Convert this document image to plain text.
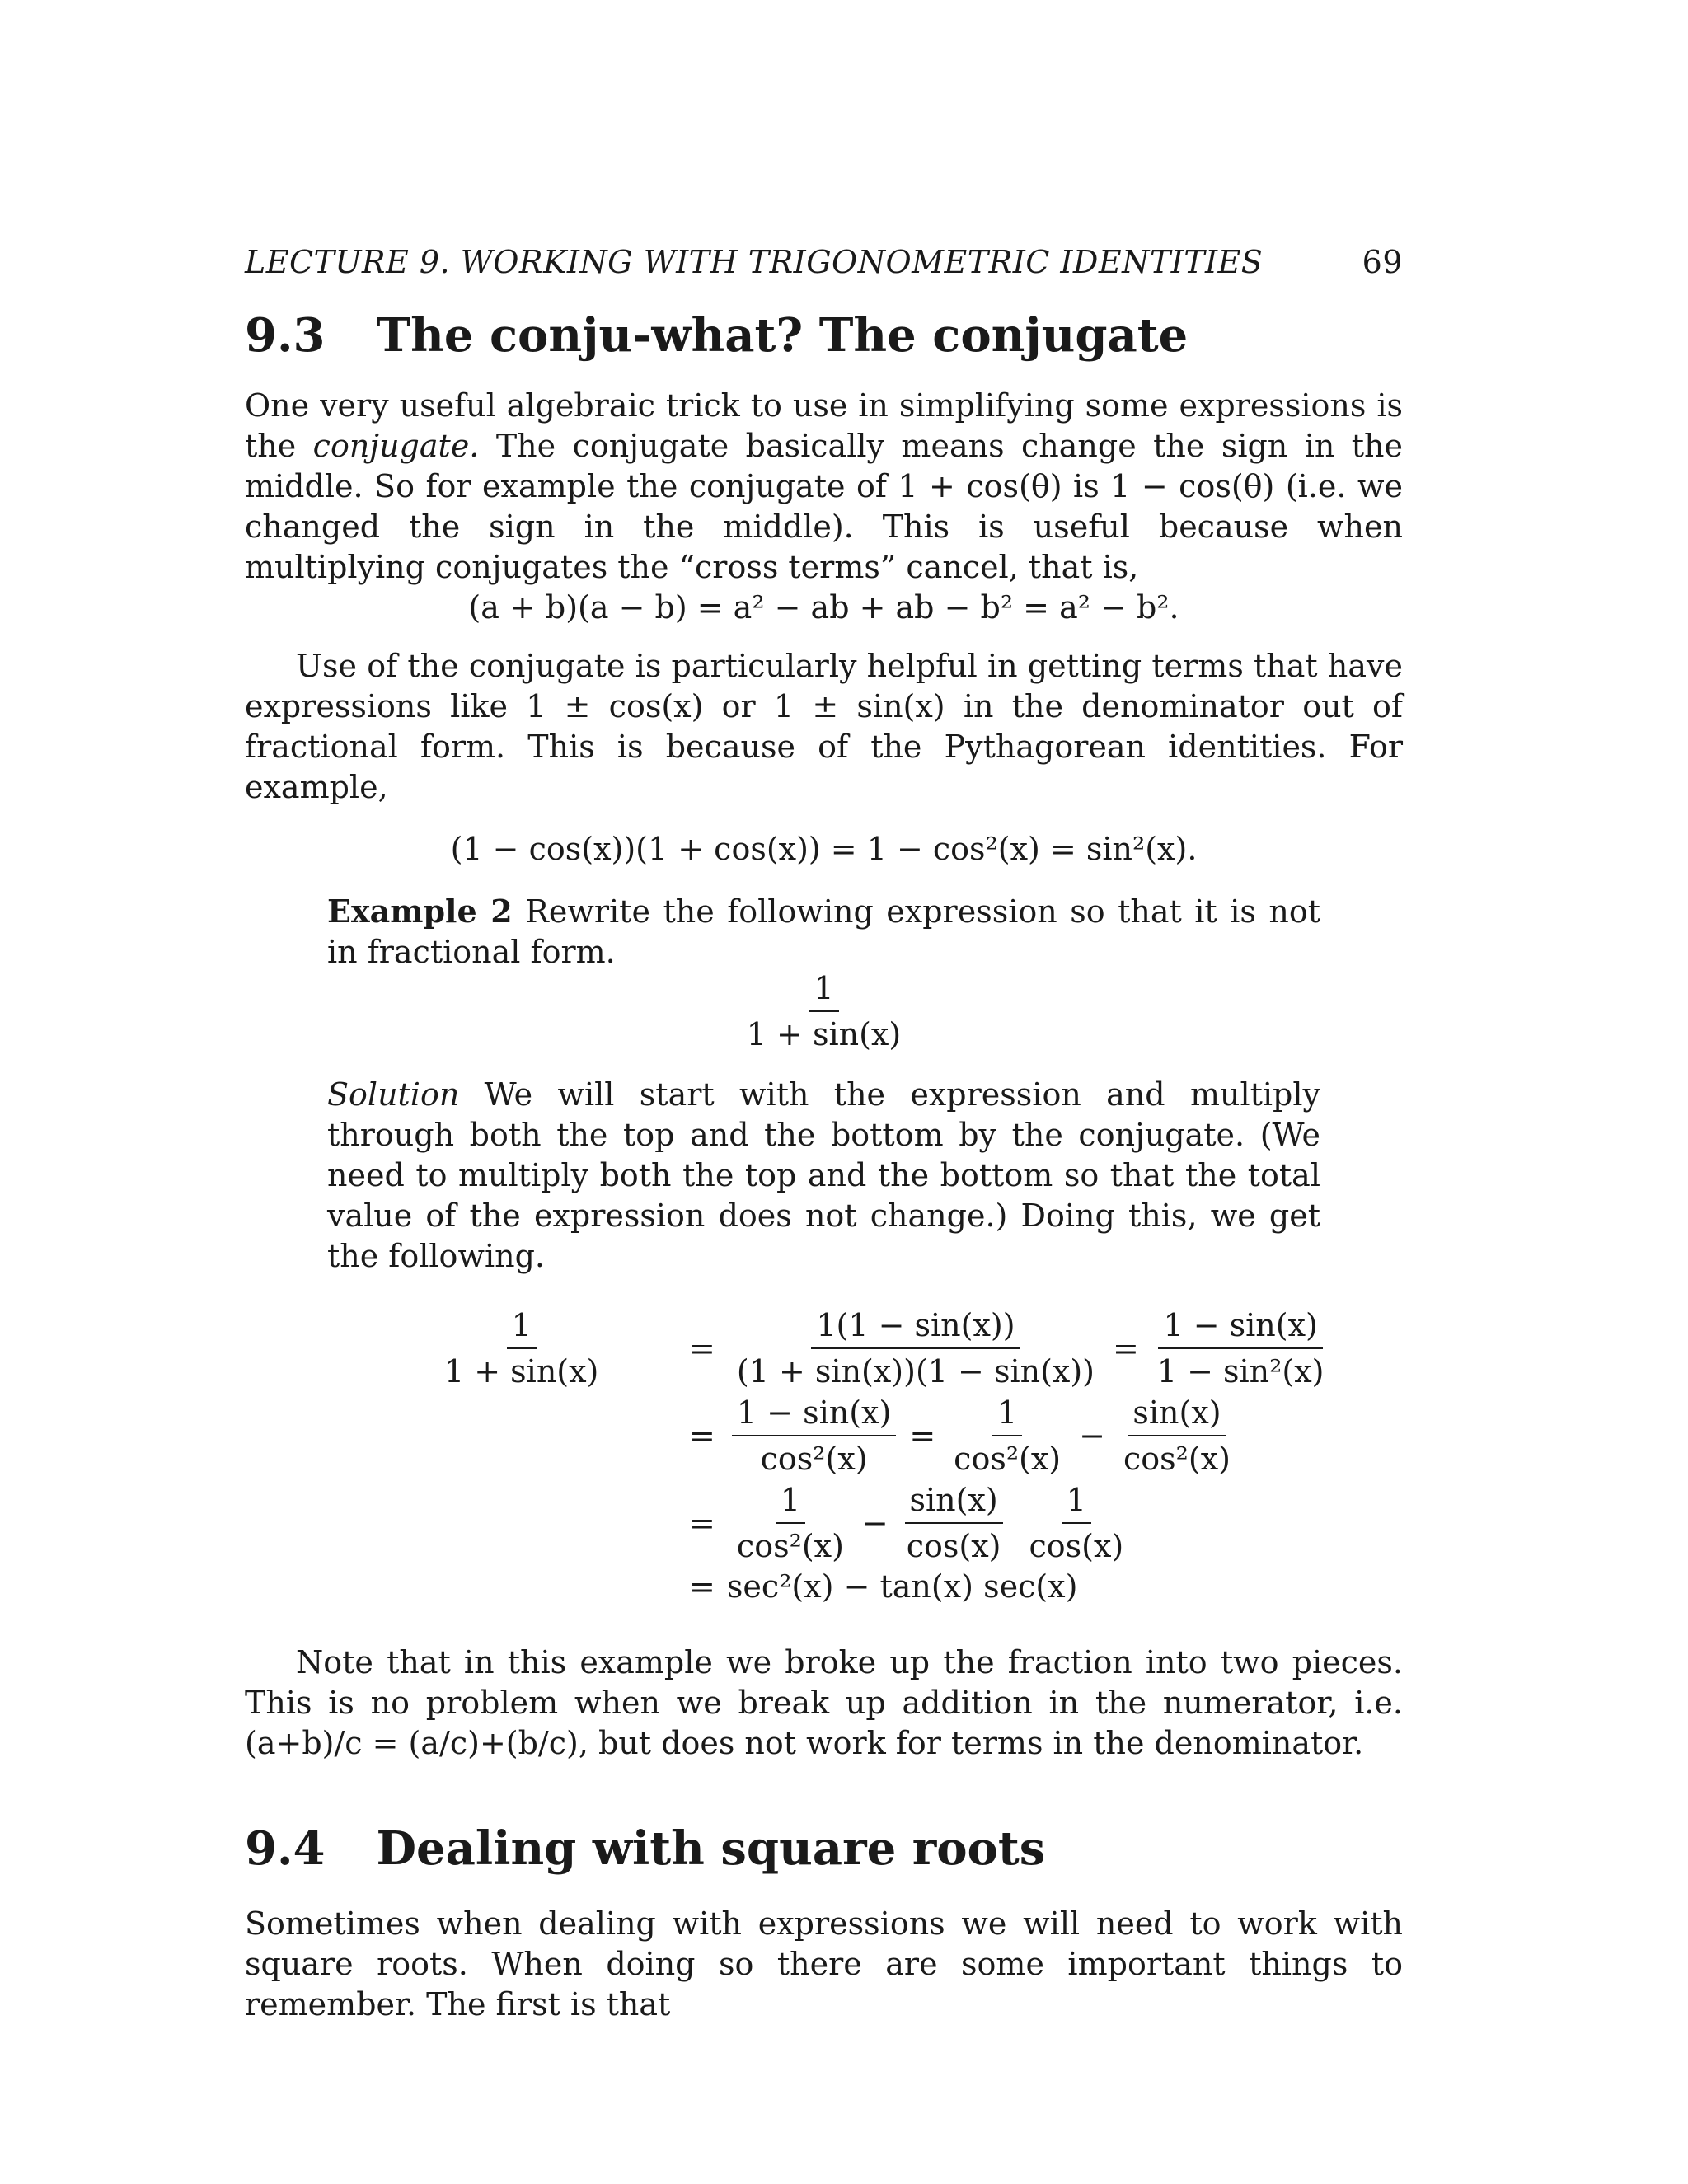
LECTURE 9. WORKING WITH TRIGONOMETRIC IDENTITIES	69
9.3 The conju-what? The conjugate

One very useful algebraic trick to use in simplifying some expressions is the conjugate. The conjugate basically means change the sign in the middle. So for example the conjugate of 1 + cos(θ) is 1 − cos(θ) (i.e. we changed the sign in the middle). This is useful because when multiplying conjugates the “cross terms” cancel, that is,

(a + b)(a − b) = a² − ab + ab − b² = a² − b².

Use of the conjugate is particularly helpful in getting terms that have expressions like 1 ± cos(x) or 1 ± sin(x) in the denominator out of fractional form. This is because of the Pythagorean identities. For example,

(1 − cos(x))(1 + cos(x)) = 1 − cos²(x) = sin²(x).

Example 2 Rewrite the following expression so that it is not in fractional form.

$\frac{1}{1 + \sin(x)}$

Solution We will start with the expression and multiply through both the top and the bottom by the conjugate. (We need to multiply both the top and the bottom so that the total value of the expression does not change.) Doing this, we get the following.

$\frac{1}{1 + \sin(x)}$	= $\frac{1(1 - \sin(x))}{(1 + \sin(x))(1 - \sin(x))} = \frac{1 - \sin(x)}{\text{1 − sin²(x)}}$
= $\frac{1 - \sin(x)}{\text{cos²(x)}} = \frac{1}{\text{cos²(x)}} - \frac{\sin(x)}{\text{cos²(x)}}$
= $\frac{1}{\text{cos²(x)}} - \frac{\sin(x)}{\cos(x)} \frac{1}{\cos(x)}$
= sec²(x) − tan(x) sec(x)

Note that in this example we broke up the fraction into two pieces. This is no problem when we break up addition in the numerator, i.e. (a+b)/c = (a/c)+(b/c), but does not work for terms in the denominator.

9.4 Dealing with square roots

Sometimes when dealing with expressions we will need to work with square roots. When doing so there are some important things to remember. The first is that
